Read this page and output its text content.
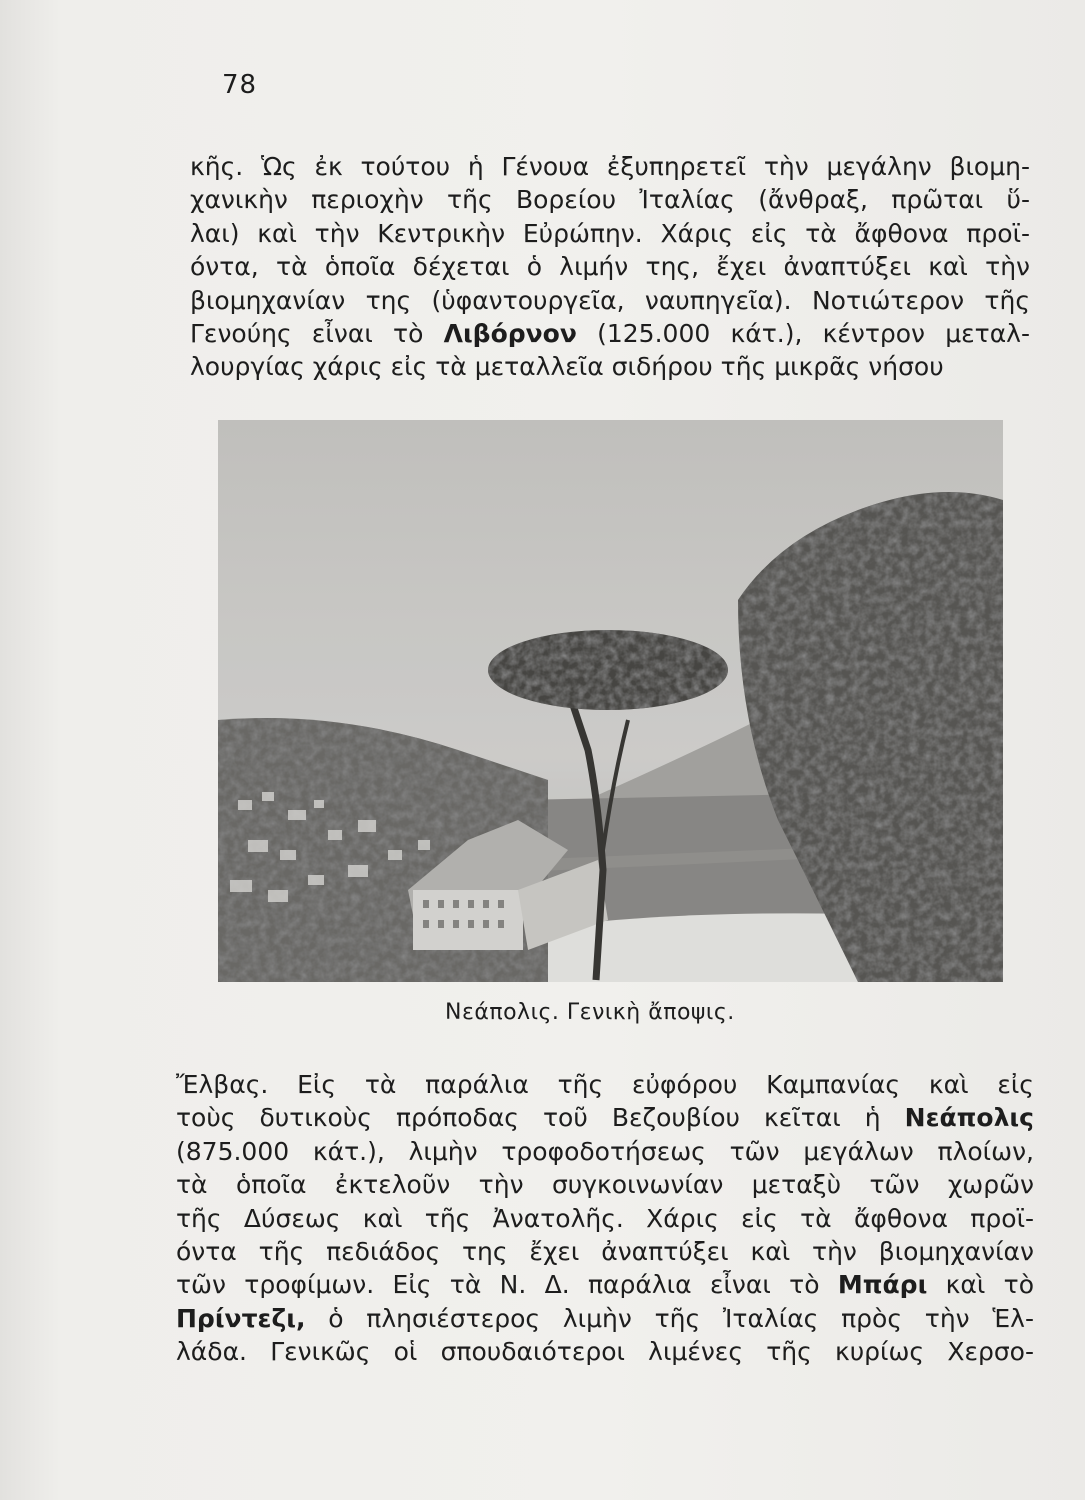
78
κῆς. Ὡς ἐκ τούτου ἡ Γένουα ἐξυπηρετεῖ τὴν μεγάλην βιομη-
χανικὴν περιοχὴν τῆς Βορείου Ἰταλίας (ἄνθραξ, πρῶται ὕ-
λαι) καὶ τὴν Κεντρικὴν Εὐρώπην. Χάρις εἰς τὰ ἄφθονα προϊ-
όντα, τὰ ὁποῖα δέχεται ὁ λιμήν της, ἔχει ἀναπτύξει καὶ τὴν
βιομηχανίαν της (ὑφαντουργεῖα, ναυπηγεῖα). Νοτιώτερον τῆς
Γενούης εἶναι τὸ Λιβόρνον (125.000 κάτ.), κέντρον μεταλ-
λουργίας χάρις εἰς τὰ μεταλλεῖα σιδήρου τῆς μικρᾶς νήσου
Νεάπολις. Γενικὴ ἄποψις.
Ἔλβας. Εἰς τὰ παράλια τῆς εὐφόρου Καμπανίας καὶ εἰς
τοὺς δυτικοὺς πρόποδας τοῦ Βεζουβίου κεῖται ἡ Νεάπολις
(875.000 κάτ.), λιμὴν τροφοδοτήσεως τῶν μεγάλων πλοίων,
τὰ ὁποῖα ἐκτελοῦν τὴν συγκοινωνίαν μεταξὺ τῶν χωρῶν
τῆς Δύσεως καὶ τῆς Ἀνατολῆς. Χάρις εἰς τὰ ἄφθονα προϊ-
όντα τῆς πεδιάδος της ἔχει ἀναπτύξει καὶ τὴν βιομηχανίαν
τῶν τροφίμων. Εἰς τὰ Ν. Δ. παράλια εἶναι τὸ Μπάρι καὶ τὸ
Πρίντεζι, ὁ πλησιέστερος λιμὴν τῆς Ἰταλίας πρὸς τὴν Ἑλ-
λάδα. Γενικῶς οἱ σπουδαιότεροι λιμένες τῆς κυρίως Χερσο-
